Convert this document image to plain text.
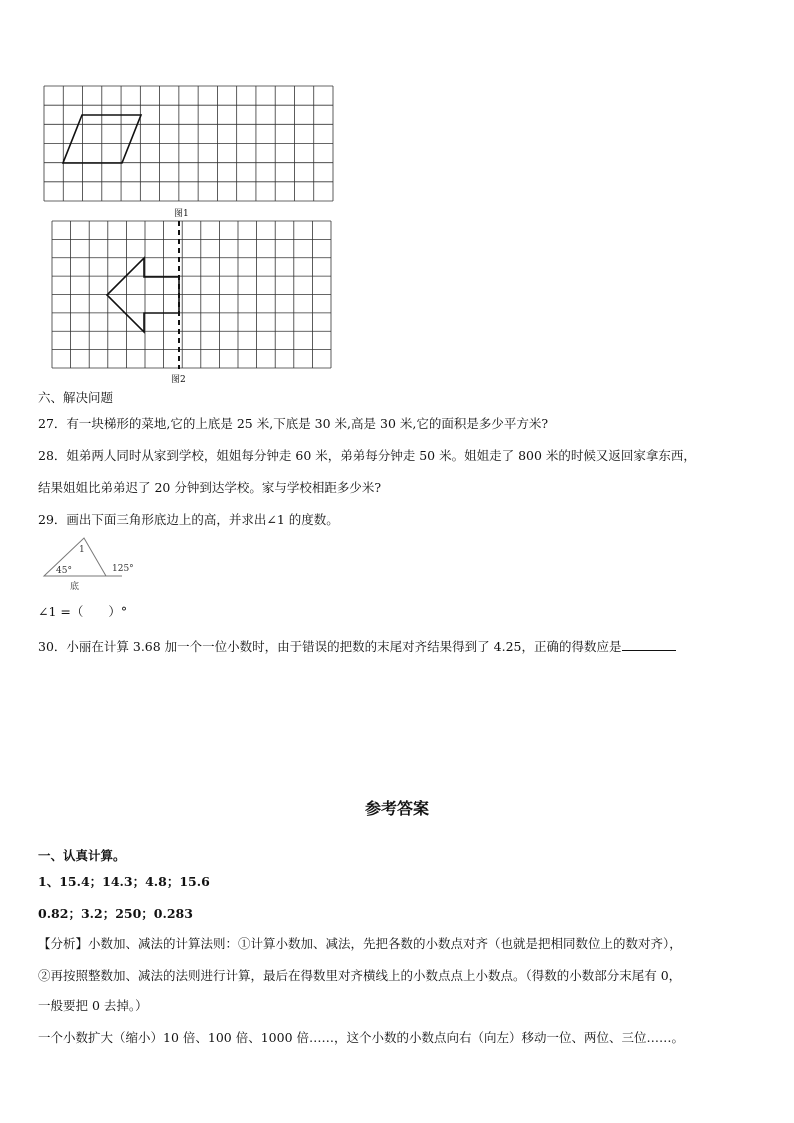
图1
图2
六、解决问题
27．有一块梯形的菜地,它的上底是 25 米,下底是 30 米,高是 30 米,它的面积是多少平方米?
28．姐弟两人同时从家到学校，姐姐每分钟走 60 米，弟弟每分钟走 50 米。姐姐走了 800 米的时候又返回家拿东西，
结果姐姐比弟弟迟了 20 分钟到达学校。家与学校相距多少米?
29．画出下面三角形底边上的高，并求出∠1 的度数。
1
45°	125°
底
∠1 =（　　）°
30．小丽在计算 3.68 加一个一位小数时，由于错误的把数的末尾对齐结果得到了 4.25，正确的得数应是
参考答案
一、认真计算。
1、15.4；14.3；4.8；15.6
0.82；3.2；250；0.283
【分析】小数加、减法的计算法则：①计算小数加、减法，先把各数的小数点对齐（也就是把相同数位上的数对齐），
②再按照整数加、减法的法则进行计算，最后在得数里对齐横线上的小数点点上小数点。（得数的小数部分末尾有 0，
一般要把 0 去掉。）
一个小数扩大（缩小）10 倍、100 倍、1000 倍……，这个小数的小数点向右（向左）移动一位、两位、三位……。
